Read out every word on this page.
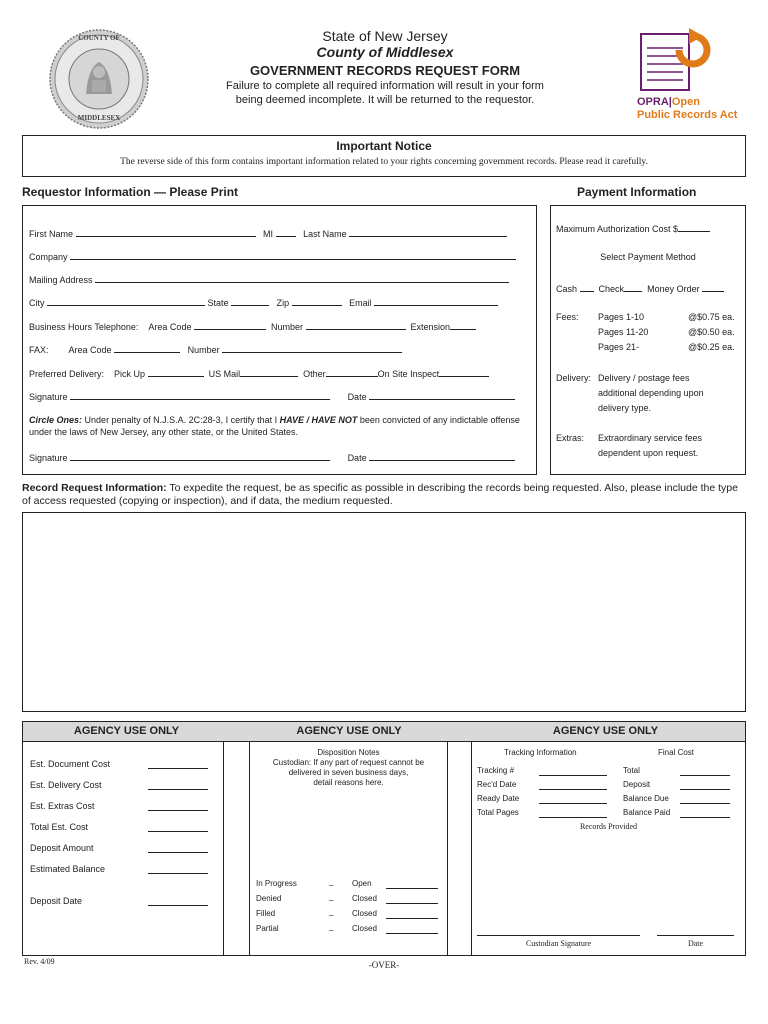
COUNTY OF
MIDDLESEX
State of New Jersey
County of Middlesex
GOVERNMENT RECORDS REQUEST FORM
Failure to complete all required information will result in your form
being deemed incomplete. It will be returned to the requestor.	OPRA|Open
Public Records Act
Important Notice
The reverse side of this form contains important information related to your rights concerning government records. Please read it carefully.
Requestor Information — Please Print	Payment Information
First Name	MI	Last Name
Company
Mailing Address
City	State	Zip	Email
Business Hours Telephone: Area Code	Number	Extension
FAX: Area Code	Number
Preferred Delivery: Pick Up	US Mail	Other	On Site Inspect
Signature	Date
Circle Ones: Under penalty of N.J.S.A. 2C:28-3, I certify that I HAVE / HAVE NOT been convicted of any indictable offense under the laws of New Jersey, any other state, or the United States.
Signature	Date
Maximum Authorization Cost $
Select Payment Method
Cash Check	Money Order
Fees: Pages 1-10	@$0.75 ea.
Pages 11-20	@$0.50 ea.
Pages 21-	@$0.25 ea.
Delivery: Delivery / postage fees
additional depending upon
delivery type.
Extras: Extraordinary service fees
dependent upon request.
Record Request Information: To expedite the request, be as specific as possible in describing the records being requested. Also, please include the type of access requested (copying or inspection), and if data, the medium requested.
AGENCY USE ONLY	AGENCY USE ONLY	AGENCY USE ONLY
Est. Document Cost
Est. Delivery Cost
Est. Extras Cost
Total Est. Cost
Deposit Amount
Estimated Balance
Deposit Date
Disposition Notes
Custodian: If any part of request cannot be
delivered in seven business days,
detail reasons here.
In Progress	_ Open
Denied	_ Closed
Filled	_ Closed
Partial	_ Closed
Tracking Information	Final Cost
Tracking #	Total
Rec'd Date	Deposit
Ready Date	Balance Due
Total Pages	Balance Paid
Records Provided
Custodian Signature	Date
Rev. 4/09	-OVER-
